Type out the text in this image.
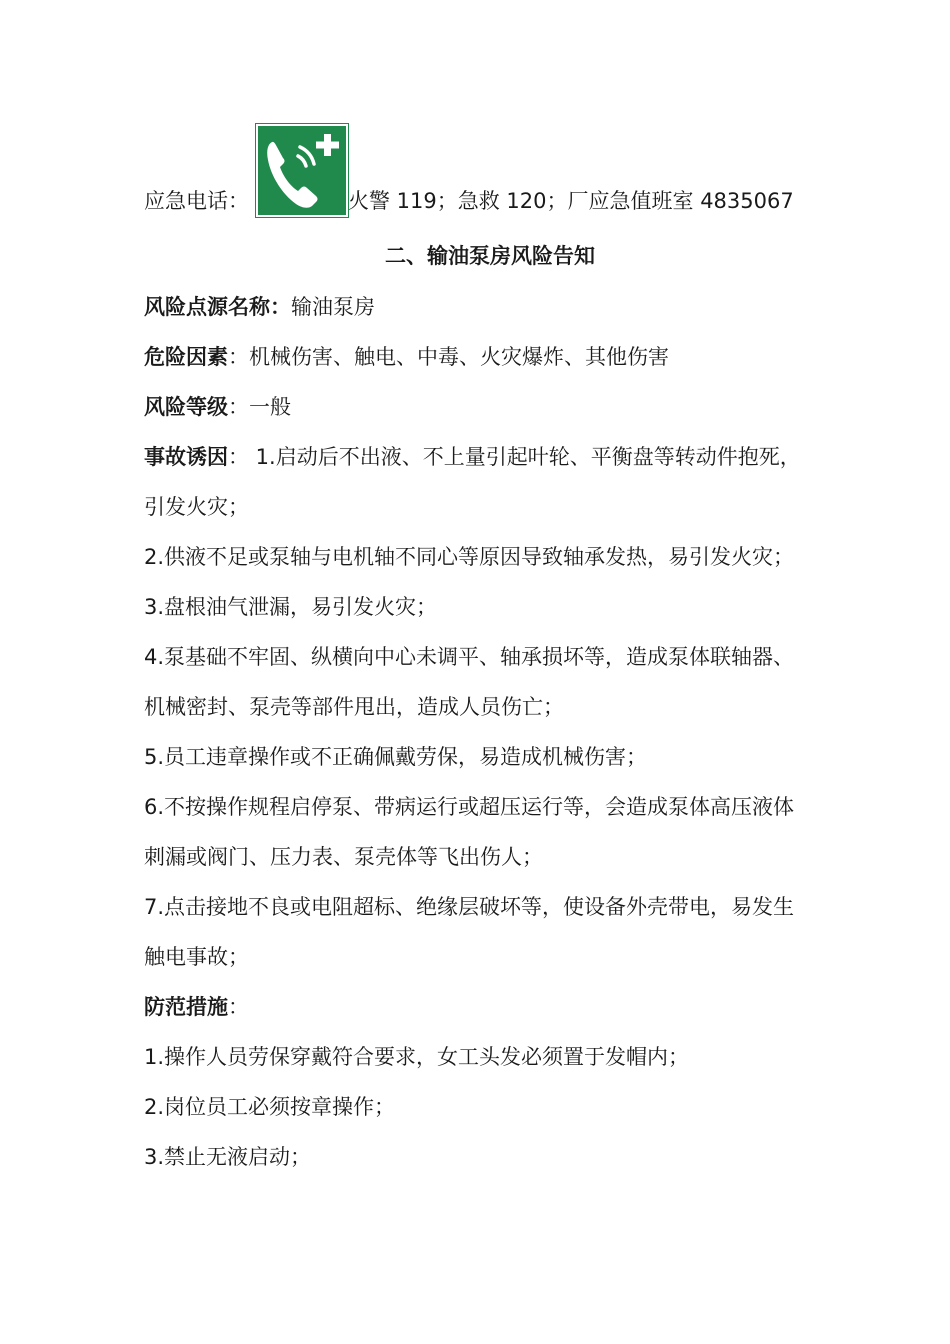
应急电话：	火警 119；急救 120；厂应急值班室 4835067
二、输油泵房风险告知
风险点源名称：输油泵房
危险因素：机械伤害、触电、中毒、火灾爆炸、其他伤害
风险等级：一般
事故诱因： 1.启动后不出液、不上量引起叶轮、平衡盘等转动件抱死，
引发火灾；
2.供液不足或泵轴与电机轴不同心等原因导致轴承发热，易引发火灾；
3.盘根油气泄漏，易引发火灾；
4.泵基础不牢固、纵横向中心未调平、轴承损坏等，造成泵体联轴器、
机械密封、泵壳等部件甩出，造成人员伤亡；
5.员工违章操作或不正确佩戴劳保，易造成机械伤害；
6.不按操作规程启停泵、带病运行或超压运行等，会造成泵体高压液体
刺漏或阀门、压力表、泵壳体等飞出伤人；
7.点击接地不良或电阻超标、绝缘层破坏等，使设备外壳带电，易发生
触电事故；
防范措施：
1.操作人员劳保穿戴符合要求，女工头发必须置于发帽内；
2.岗位员工必须按章操作；
3.禁止无液启动；
